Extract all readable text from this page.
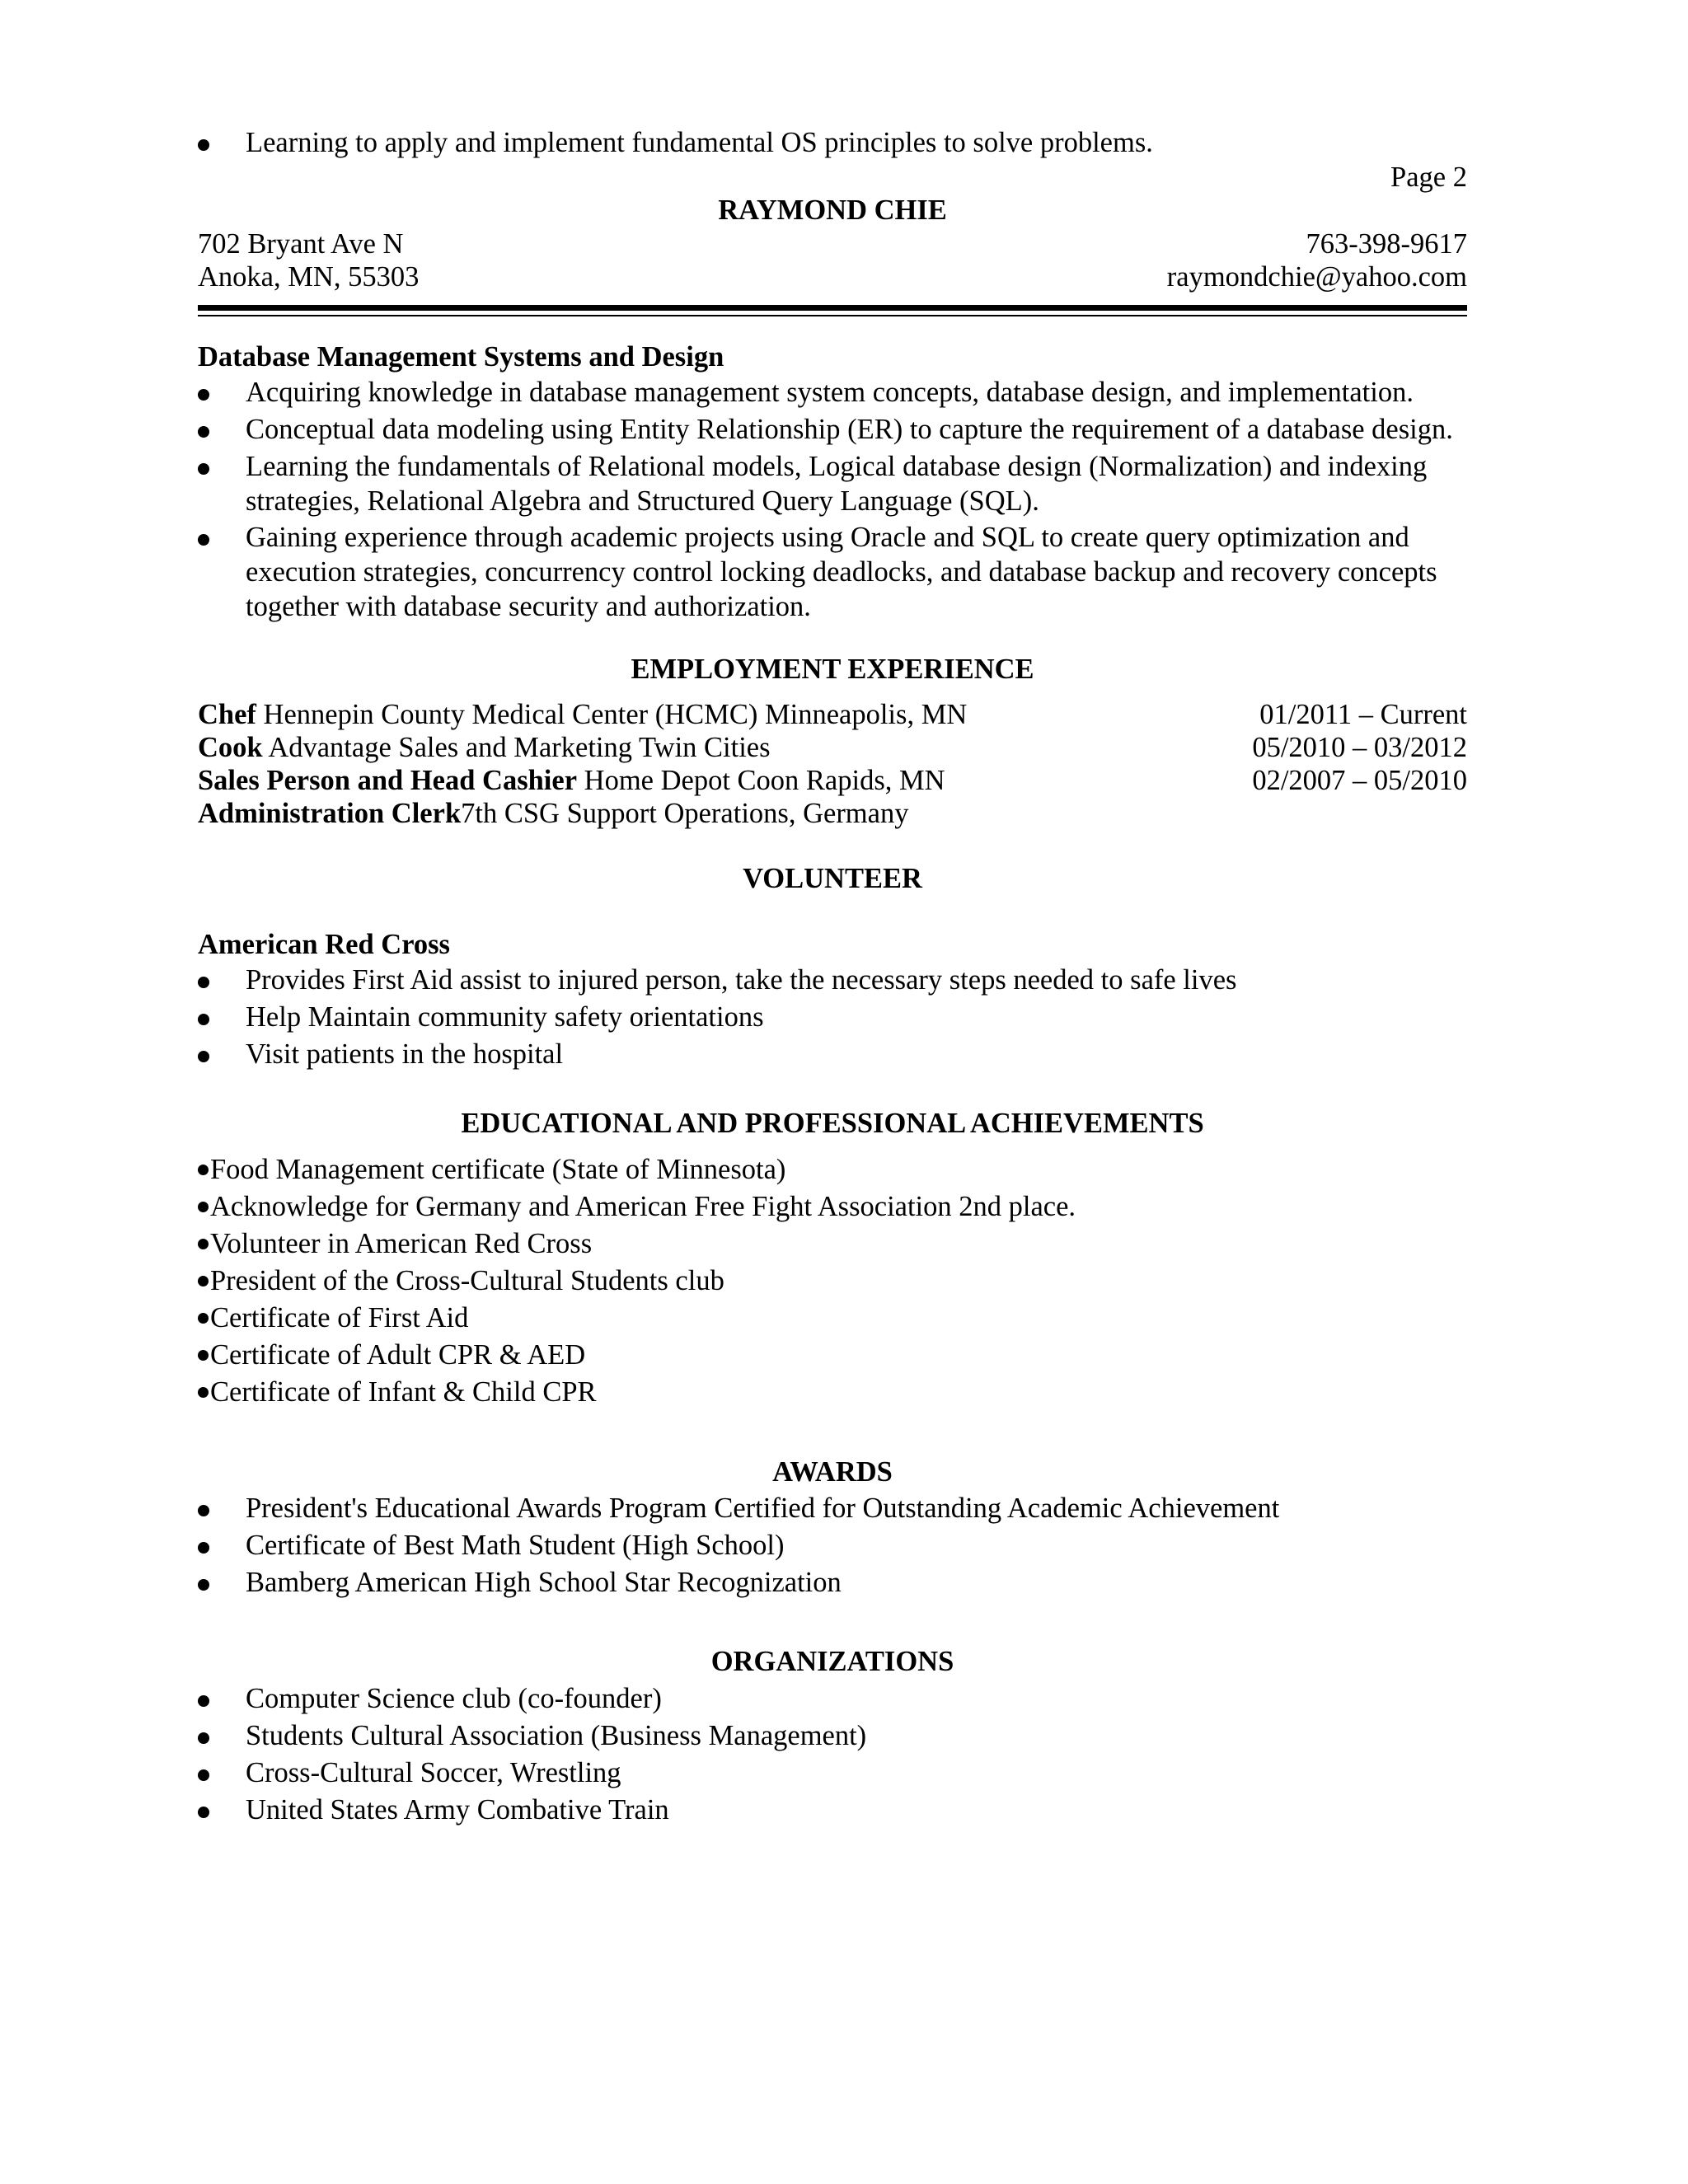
Learning to apply and implement fundamental OS principles to solve problems.
Page 2
RAYMOND CHIE
702 Bryant Ave N
Anoka, MN, 55303
763-398-9617
raymondchie@yahoo.com
Database Management Systems and Design
EMPLOYMENT EXPERIENCE
VOLUNTEER
American Red Cross
EDUCATIONAL AND PROFESSIONAL ACHIEVEMENTS
AWARDS
ORGANIZATIONS
Acquiring knowledge in database management system concepts, database design, and implementation.
Conceptual data modeling using Entity Relationship (ER) to capture the requirement of a database design.
Learning the fundamentals of Relational models, Logical database design (Normalization) and indexing
strategies, Relational Algebra and Structured Query Language (SQL).
Gaining experience through academic projects using Oracle and SQL to create query optimization and
execution strategies, concurrency control locking deadlocks, and database backup and recovery concepts
together with database security and authorization.
Chef Hennepin County Medical Center (HCMC) Minneapolis, MN	01/2011 – Current
Cook Advantage Sales and Marketing Twin Cities	05/2010 – 03/2012
Sales Person and Head Cashier Home Depot Coon Rapids, MN	02/2007 – 05/2010
Administration Clerk7th CSG Support Operations, Germany
Provides First Aid assist to injured person, take the necessary steps needed to safe lives
Help Maintain community safety orientations
Visit patients in the hospital
Food Management certificate (State of Minnesota)
Acknowledge for Germany and American Free Fight Association 2nd place.
Volunteer in American Red Cross
President of the Cross-Cultural Students club
Certificate of First Aid
Certificate of Adult CPR & AED
Certificate of Infant & Child CPR
President's Educational Awards Program Certified for Outstanding Academic Achievement
Certificate of Best Math Student (High School)
Bamberg American High School Star Recognization
Computer Science club (co-founder)
Students Cultural Association (Business Management)
Cross-Cultural Soccer, Wrestling
United States Army Combative Train
